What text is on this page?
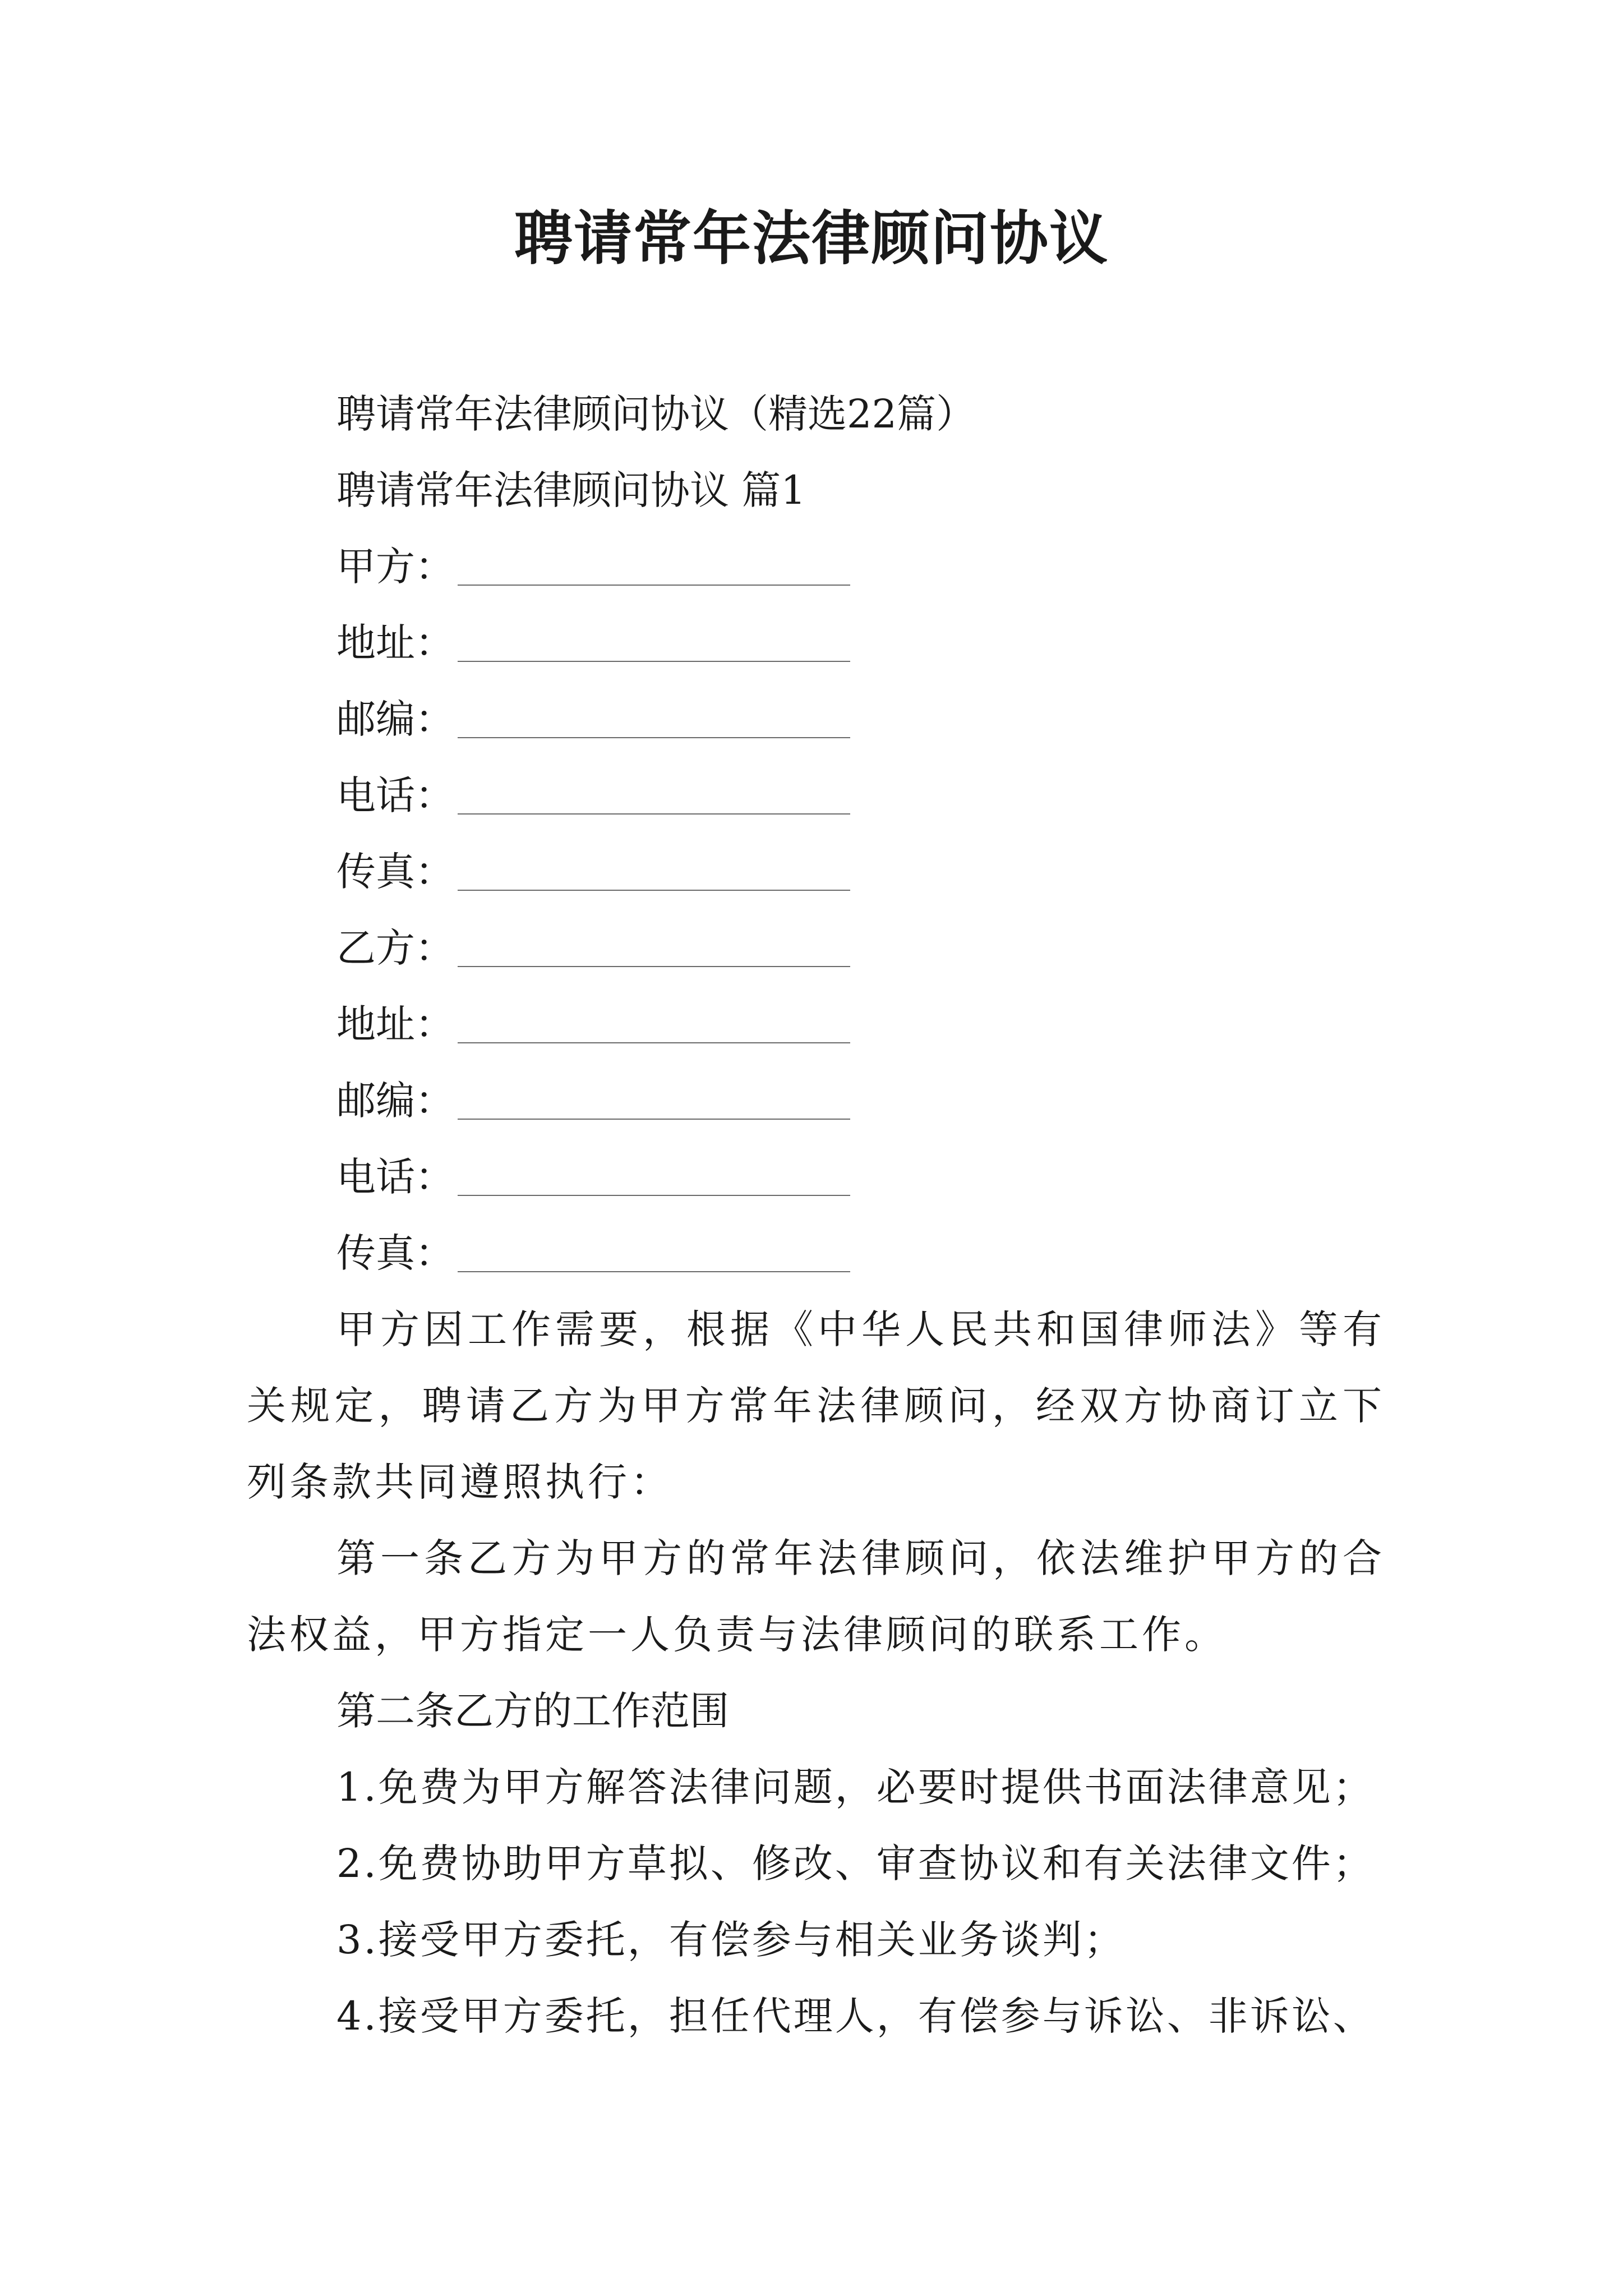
聘请常年法律顾问协议
聘请常年法律顾问协议（精选22篇）
聘请常年法律顾问协议 篇1
甲方：
地址：
邮编：
电话：
传真：
乙方：
地址：
邮编：
电话：
传真：
甲方因工作需要，根据《中华人民共和国律师法》等有关规定，聘请乙方为甲方常年法律顾问，经双方协商订立下列条款共同遵照执行：
第一条乙方为甲方的常年法律顾问，依法维护甲方的合法权益，甲方指定一人负责与法律顾问的联系工作。
第二条乙方的工作范围
1.免费为甲方解答法律问题，必要时提供书面法律意见；
2.免费协助甲方草拟、修改、审查协议和有关法律文件；
3.接受甲方委托，有偿参与相关业务谈判；
4.接受甲方委托，担任代理人，有偿参与诉讼、非诉讼、
